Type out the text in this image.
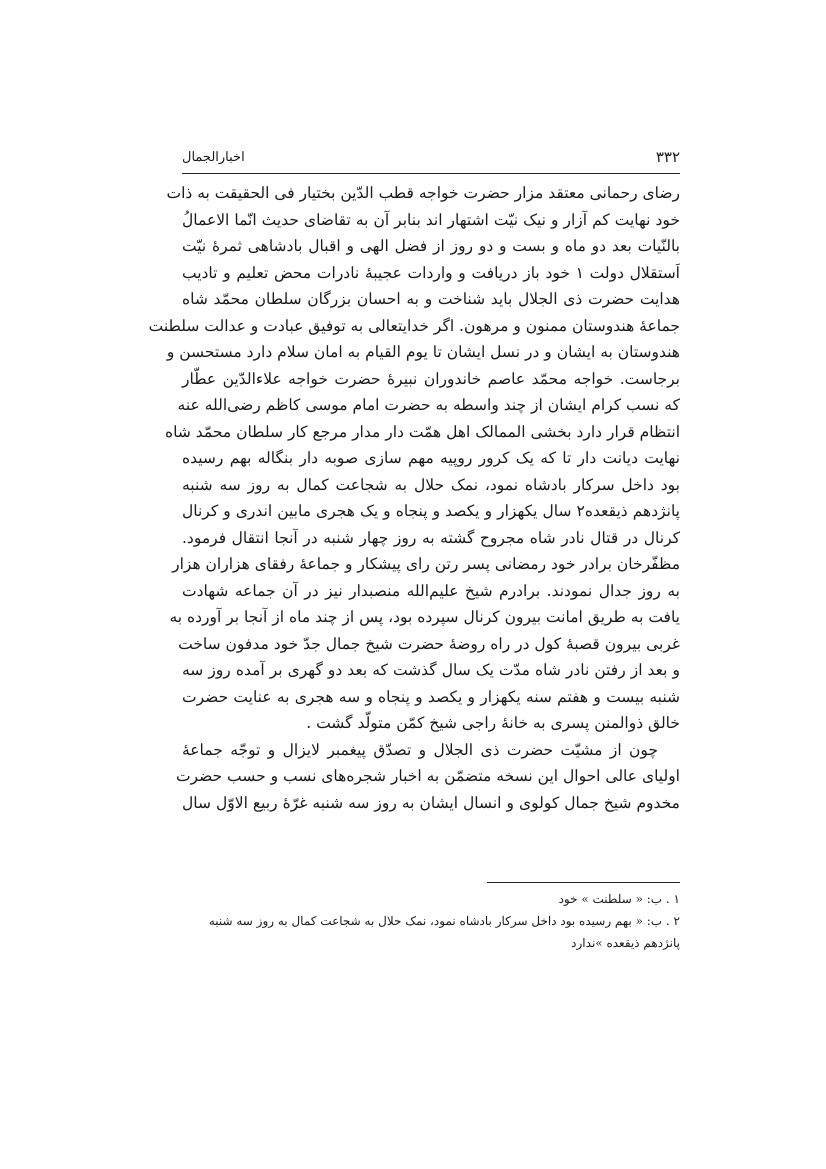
۳۳۲
اخبارالجمال
رضای رحمانی معتقد مزار حضرت خواجه قطب الدّین بختیار فی الحقیقت به ذات
خود نهایت کم آزار و نیک نیّت اشتهار اند بنابر آن به تقاضای حدیث انّما الاعمالُ
بالنّیات بعد دو ماه و بست و دو روز از فضل الهی و اقبال بادشاهی ثمرهٔ نیّت
اَستقلال دولت ۱ خود باز دریافت و واردات عجیبهٔ نادرات محض تعلیم و تادیب
هدایت حضرت ذی الجلال باید شناخت و به احسان بزرگان سلطان محمّد شاه
جماعهٔ هندوستان ممنون و مرهون. اگر خدایتعالی به توفیق عبادت و عدالت سلطنت
هندوستان به ایشان و در نسل ایشان تا یوم القیام به امان سلام دارد مستحسن و
برجاست. خواجه محمّد عاصم خاندوران نبیرهٔ حضرت خواجه علاءالدّین عطّار
که نسب کرام ایشان از چند واسطه به حضرت امام موسی کاظم رضی‌الله عنه
انتظام قرار دارد بخشی الممالک اهل همّت دار مدار مرجع کار سلطان محمّد شاه
نهایت دیانت دار تا که یک کرور روپیه مهم سازی صوبه دار بنگاله بهم رسیده
بود داخل سرکار بادشاه نمود، نمک حلال به شجاعت کمال به روز سه شنبه
پانژدهم ذیقعده۲ سال یکهزار و یکصد و پنجاه و یک هجری مابین اندری و کرنال
کرنال در قتال نادر شاه مجروح گشته به روز چهار شنبه در آنجا انتقال فرمود.
مظفّرخان برادر خود رمضانی پسر رتن رای پیشکار و جماعهٔ رفقای هزاران هزار
به روز جدال نمودند. برادرم شیخ علیم‌الله منصبدار نیز در آن جماعه شهادت
یافت به طریق امانت بیرون کرنال سپرده بود، پس از چند ماه از آنجا بر آورده به
غربی بیرون قصبهٔ کول در راه روضهٔ حضرت شیخ جمال جدّ خود مدفون ساخت
و بعد از رفتن نادر شاه مدّت یک سال گذشت که بعد دو گهری بر آمده روز سه
شنبه بیست و هفتم سنه یکهزار و یکصد و پنجاه و سه هجری به عنایت حضرت
خالق ذوالمنن پسری به خانهٔ راجی شیخ کمّن متولّد گشت .
چون از مشیّت حضرت ذی الجلال و تصدّق پیغمبر لایزال و توجّه جماعهٔ
اولیای عالی احوال این نسخه متضمّن به اخبار شجره‌های نسب و حسب حضرت
مخدوم شیخ جمال کولوی و انسال ایشان به روز سه شنبه غرّهٔ ربیع الاوّل سال
۱ . ب: « سلطنت » خود
۲ . ب: « بهم رسیده بود داخل سرکار بادشاه نمود، نمک حلال به شجاعت کمال به روز سه شنبه
پانژدهم ذیقعده »ندارد
